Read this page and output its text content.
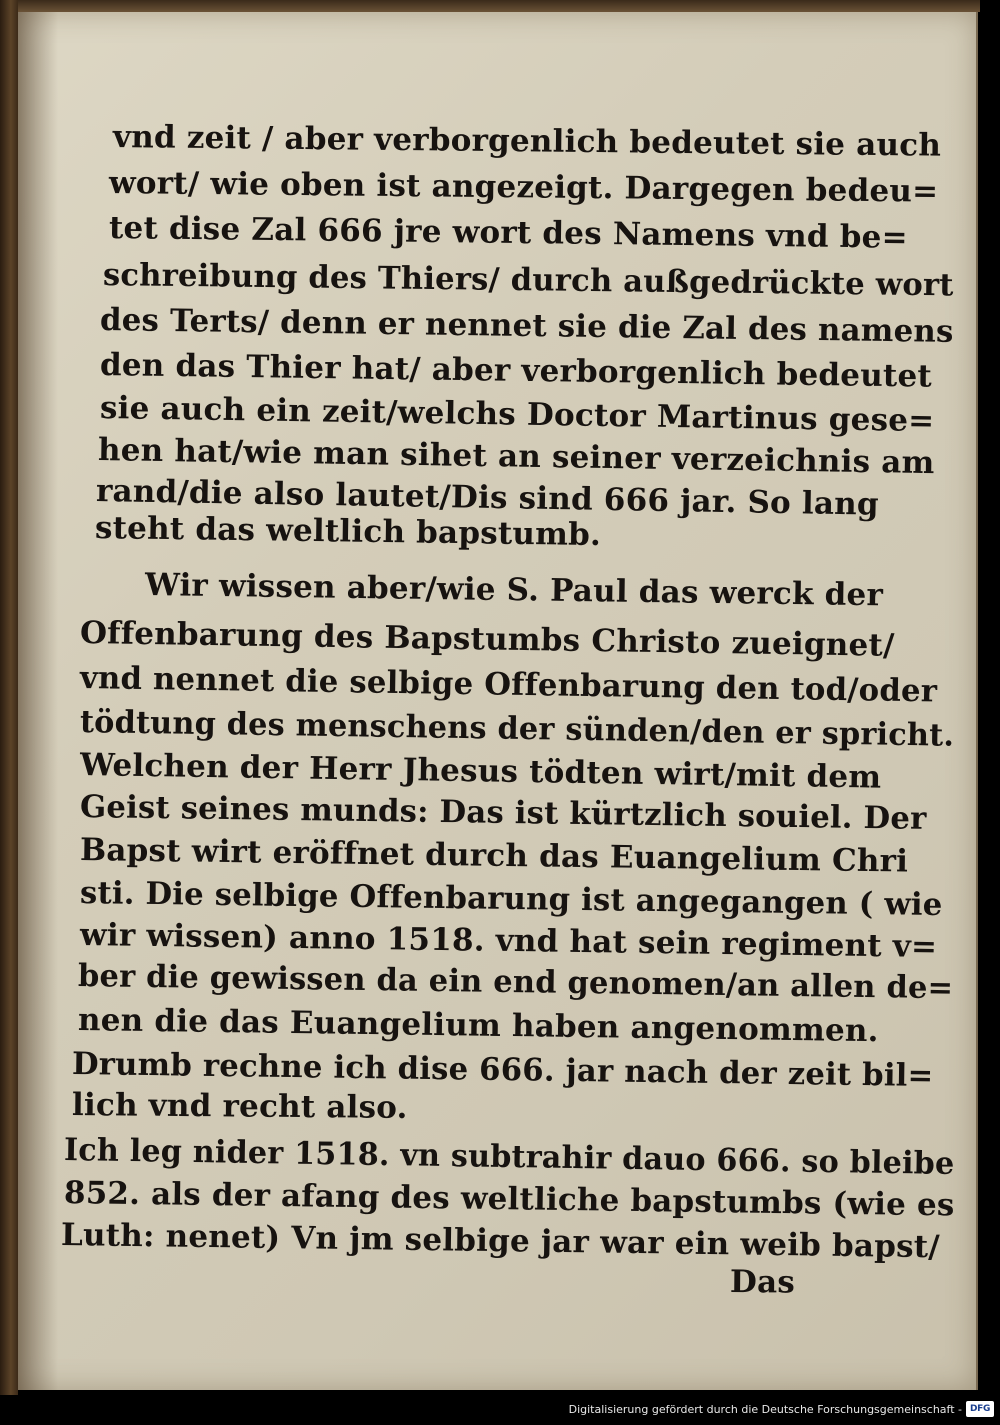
vnd zeit / aber verborgenlich bedeutet sie auch
wort/ wie oben ist angezeigt. Dargegen bedeu=
tet dise Zal 666 jre wort des Namens vnd be=
schreibung des Thiers/ durch außgedrückte wort
des Terts/ denn er nennet sie die Zal des namens
den das Thier hat/ aber verborgenlich bedeutet
sie auch ein zeit/welchs Doctor Martinus gese=
hen hat/wie man sihet an seiner verzeichnis am
rand/die also lautet/Dis sind 666 jar. So lang
steht das weltlich bapstumb.
Wir wissen aber/wie S. Paul das werck der
Offenbarung des Bapstumbs Christo zueignet/
vnd nennet die selbige Offenbarung den tod/oder
tödtung des menschens der sünden/den er spricht.
Welchen der Herr Jhesus tödten wirt/mit dem
Geist seines munds: Das ist kürtzlich souiel. Der
Bapst wirt eröffnet durch das Euangelium Chri
sti. Die selbige Offenbarung ist angegangen ( wie
wir wissen) anno 1518. vnd hat sein regiment v=
ber die gewissen da ein end genomen/an allen de=
nen die das Euangelium haben angenommen.
Drumb rechne ich dise 666. jar nach der zeit bil=
lich vnd recht also.
Ich leg nider 1518. vn subtrahir dauo 666. so bleibe
852. als der afang des weltliche bapstumbs (wie es
Luth: nenet) Vn jm selbige jar war ein weib bapst/
Das
Digitalisierung gefördert durch die Deutsche Forschungsgemeinschaft - DFG
